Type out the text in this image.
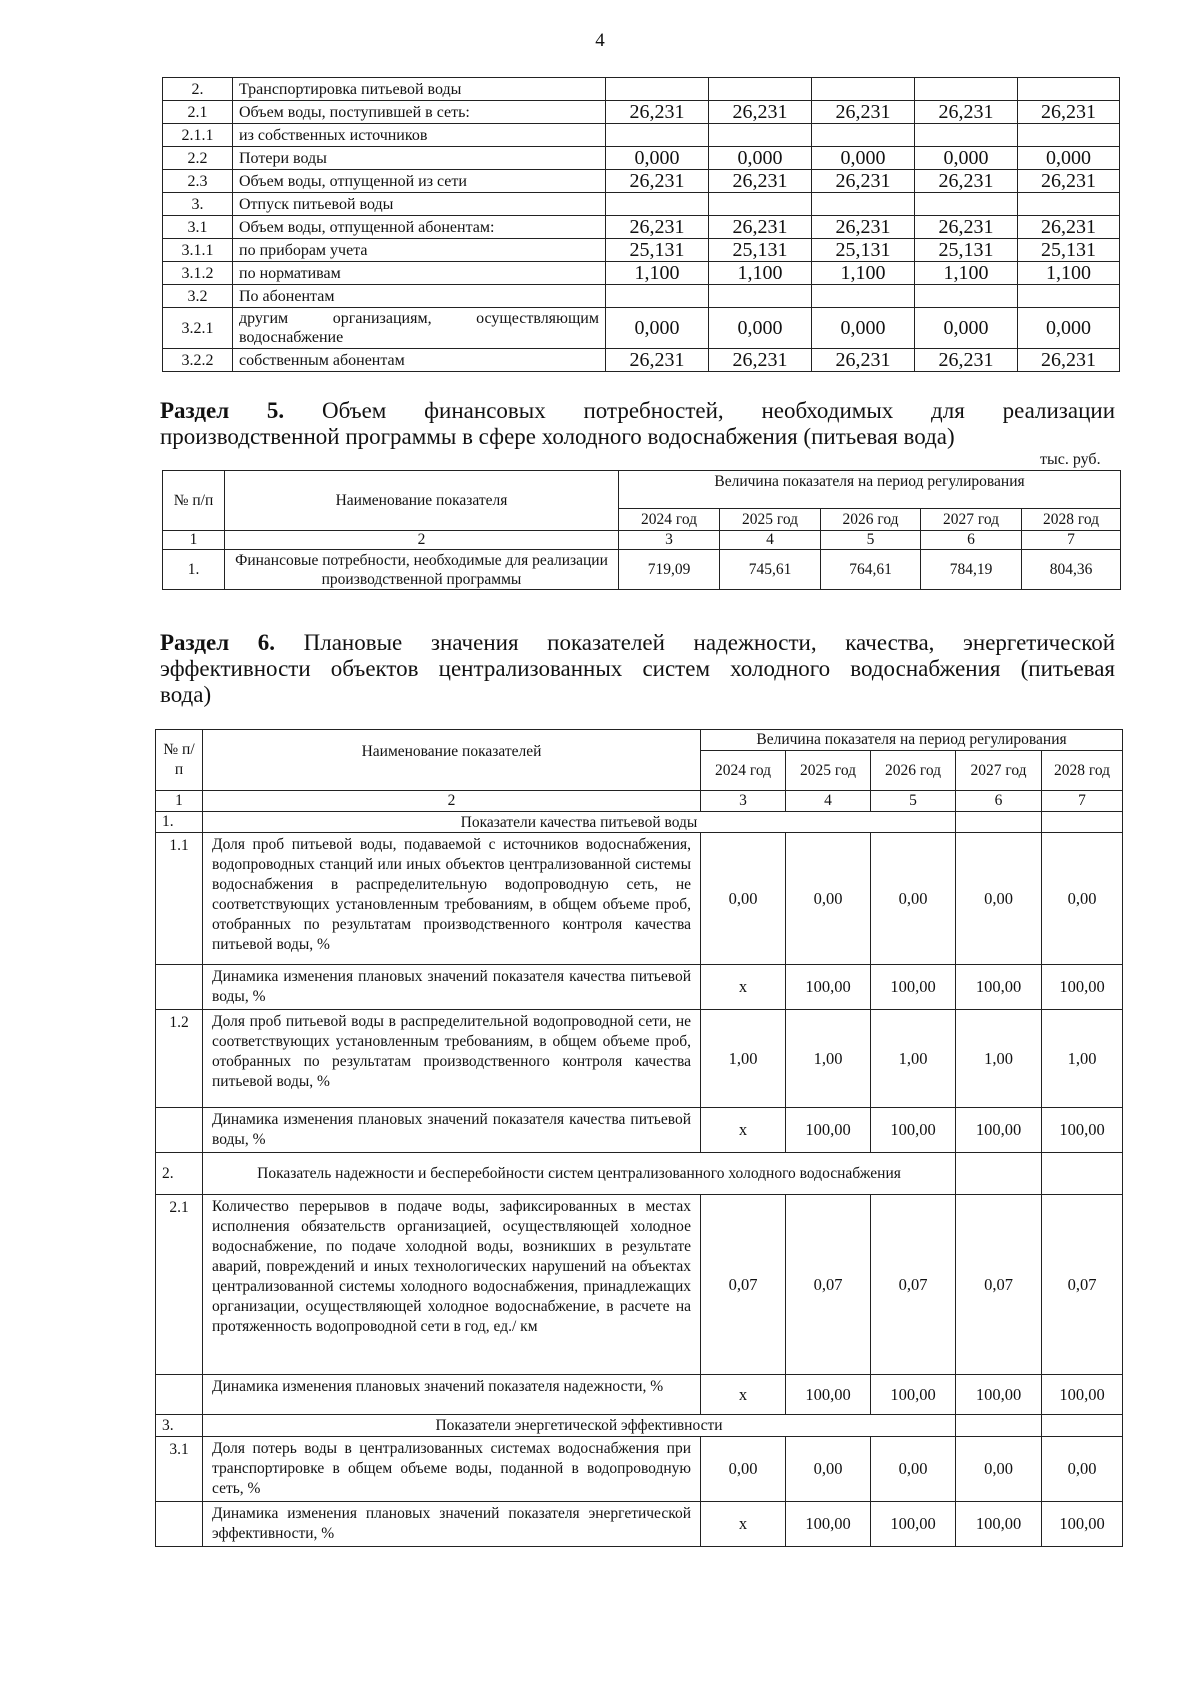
4
2.	Транспортировка питьевой воды					
2.1	Объем воды, поступившей в сеть:	26,231	26,231	26,231	26,231	26,231
2.1.1	из собственных источников					
2.2	Потери воды	0,000	0,000	0,000	0,000	0,000
2.3	Объем воды, отпущенной из сети	26,231	26,231	26,231	26,231	26,231
3.	Отпуск питьевой воды					
3.1	Объем воды, отпущенной абонентам:	26,231	26,231	26,231	26,231	26,231
3.1.1	по приборам учета	25,131	25,131	25,131	25,131	25,131
3.1.2	по нормативам	1,100	1,100	1,100	1,100	1,100
3.2	По абонентам					
3.2.1	другим организациям, осуществляющим водоснабжение	0,000	0,000	0,000	0,000	0,000
3.2.2	собственным абонентам	26,231	26,231	26,231	26,231	26,231
Раздел 5. Объем финансовых потребностей, необходимых для реализации
производственной программы в сфере холодного водоснабжения (питьевая вода)
тыс. руб.
№ п/п	Наименование показателя	Величина показателя на период регулирования				
		2024 год	2025 год	2026 год	2027 год	2028 год
1	2	3	4	5	6	7
1.	Финансовые потребности, необходимые для реализации производственной программы	719,09	745,61	764,61	784,19	804,36
Раздел 6. Плановые значения показателей надежности, качества, энергетической
эффективности объектов централизованных систем холодного водоснабжения (питьевая
вода)
№ п/п	Наименование показателей	Величина показателя на период регулирования				
		2024 год	2025 год	2026 год	2027 год	2028 год
1	2	3	4	5	6	7
1.	Показатели качества питьевой воды					
1.1	Доля проб питьевой воды, подаваемой с источников водоснабжения, водопроводных станций или иных объектов централизованной системы водоснабжения в распределительную водопроводную сеть, не соответствующих установленным требованиям, в общем объеме проб, отобранных по результатам производственного контроля качества питьевой воды, %	0,00	0,00	0,00	0,00	0,00
	Динамика изменения плановых значений показателя качества питьевой воды, %	х	100,00	100,00	100,00	100,00
1.2	Доля проб питьевой воды в распределительной водопроводной сети, не соответствующих установленным требованиям, в общем объеме проб, отобранных по результатам производственного контроля качества питьевой воды, %	1,00	1,00	1,00	1,00	1,00
	Динамика изменения плановых значений показателя качества питьевой воды, %	х	100,00	100,00	100,00	100,00
2.	Показатель надежности и бесперебойности систем централизованного холодного водоснабжения					
2.1	Количество перерывов в подаче воды, зафиксированных в местах исполнения обязательств организацией, осуществляющей холодное водоснабжение, по подаче холодной воды, возникших в результате аварий, повреждений и иных технологических нарушений на объектах централизованной системы холодного водоснабжения, принадлежащих организации, осуществляющей холодное водоснабжение, в расчете на протяженность водопроводной сети в год, ед./ км	0,07	0,07	0,07	0,07	0,07
	Динамика изменения плановых значений показателя надежности, %	х	100,00	100,00	100,00	100,00
3.	Показатели энергетической эффективности					
3.1	Доля потерь воды в централизованных системах водоснабжения при транспортировке в общем объеме воды, поданной в водопроводную сеть, %	0,00	0,00	0,00	0,00	0,00
	Динамика изменения плановых значений показателя энергетической эффективности, %	х	100,00	100,00	100,00	100,00
